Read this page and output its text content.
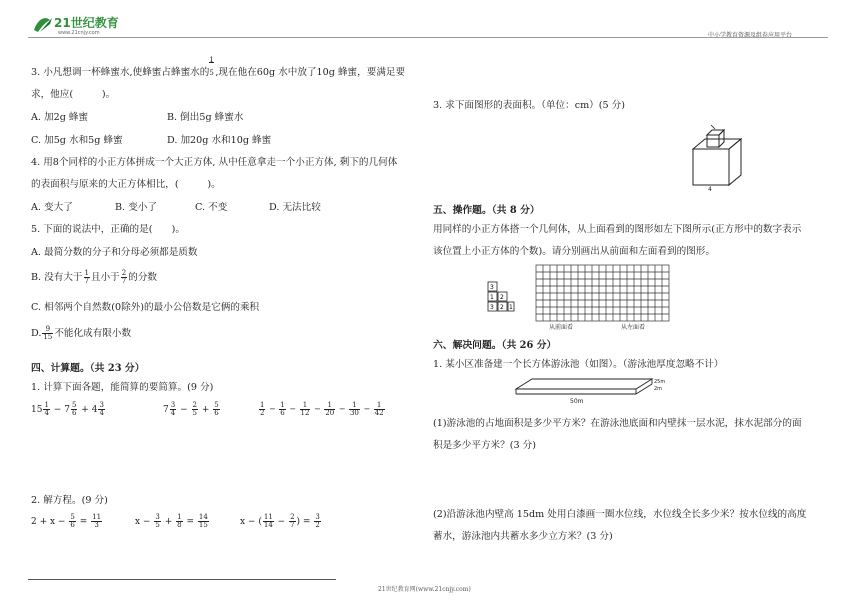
21世纪教育
www.21cnjy.com	中小学教育资源及组卷应用平台
3. 小凡想调一杯蜂蜜水,使蜂蜜占蜂蜜水的 $\frac{1}{5}$,现在他在60g 水中放了10g 蜂蜜，要满足要
求，他应(　　　)。
A. 加2g 蜂蜜	B. 倒出5g 蜂蜜水
C. 加5g 水和5g 蜂蜜	D. 加20g 水和10g 蜂蜜
4. 用8个同样的小正方体拼成一个大正方体, 从中任意拿走一个小正方体, 剩下的几何体
的表面积与原来的大正方体相比，(　　　)。
A. 变大了	B. 变小了	C. 不变	D. 无法比较
5. 下面的说法中，正确的是(　　)。
A. 最简分数的分子和分母必须都是质数
B. 没有大于 $\frac{1}{7}$ 且小于 $\frac{2}{7}$ 的分数
C. 相邻两个自然数(0除外)的最小公倍数是它俩的乘积
D. $\frac{9}{15}$ 不能化成有限小数
四、计算题。（共 23 分）
1. 计算下面各题，能简算的要简算。(9 分)
$15 \frac{1}{4} - 7 \frac{5}{6} + 4 \frac{3}{4}$	$7 \frac{3}{4} - \frac{2}{5} + \frac{5}{6}$	$\frac{1}{2} - \frac{1}{6} - \frac{1}{12} - \frac{1}{20} - \frac{1}{30} - \frac{1}{42}$
2. 解方程。(9 分)
$2 + x - \frac{5}{6} = \frac{11}{3}$	$x - \frac{3}{5} + \frac{1}{8} = \frac{14}{15}$	x − ( $\frac{11}{14} - \frac{2}{7}$ ) = $\frac{3}{2}$
3. 求下面图形的表面积。（单位：cm）(5 分)
4
五、操作题。（共 8 分）
用同样的小正方体搭一个几何体，从上面看到的图形如左下图所示(正方形中的数字表示
该位置上小正方体的个数)。请分别画出从前面和左面看到的图形。
3
1 2
3 2 1
从前面看	从左面看
六、解决问题。（共 26 分）
1. 某小区准备建一个长方体游泳池（如图）。（游泳池厚度忽略不计）
50m
25m
2m
(1)游泳池的占地面积是多少平方米？在游泳池底面和内壁抹一层水泥，抹水泥部分的面
积是多少平方米？(3 分)
(2)沿游泳池内壁高 15dm 处用白漆画一圈水位线，水位线全长多少米？按水位线的高度
蓄水，游泳池内共蓄水多少立方米？(3 分)
21世纪教育网(www.21cnjy.com)
